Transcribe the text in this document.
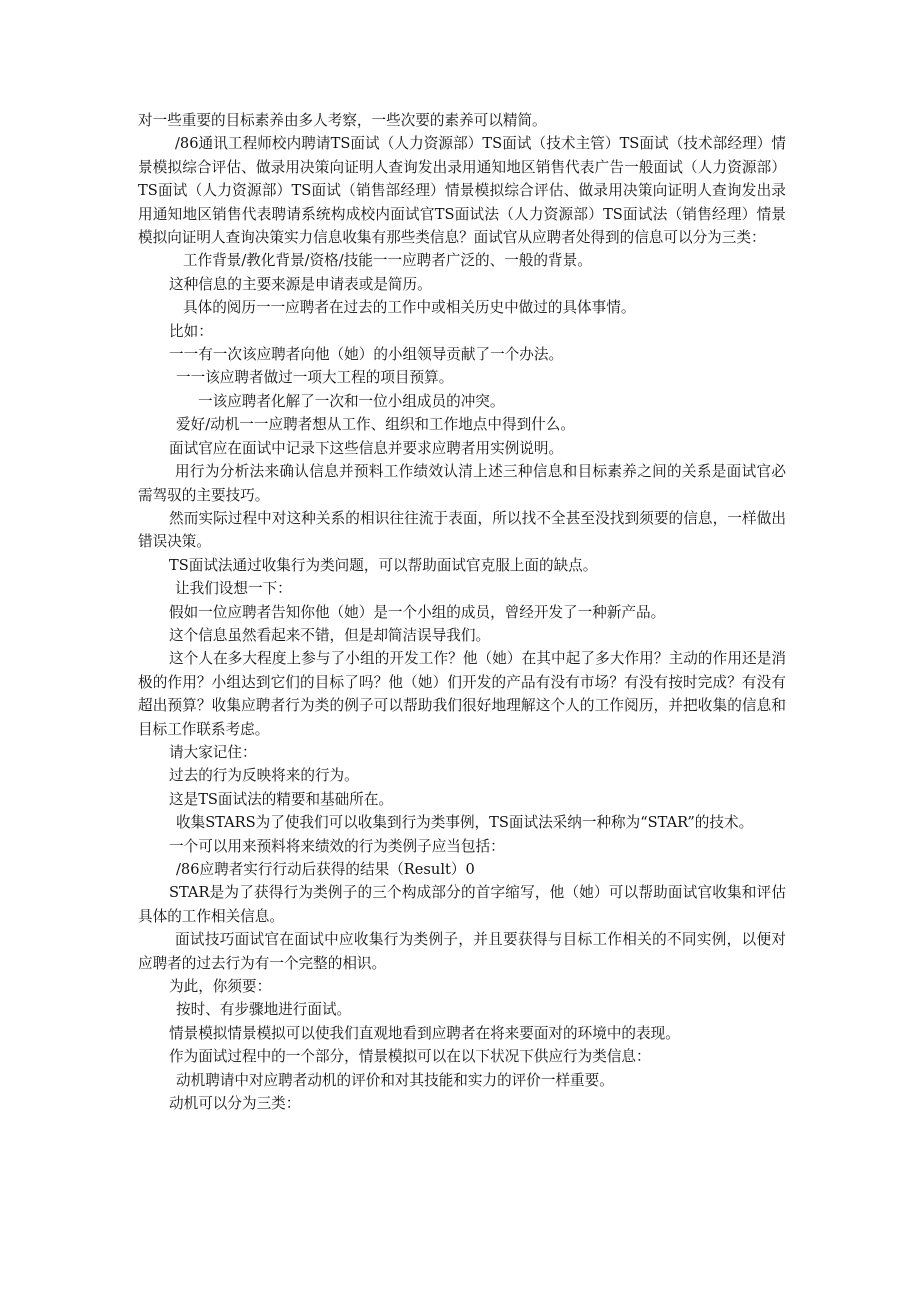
对一些重要的目标素养由多人考察，一些次要的素养可以精简。

/86通讯工程师校内聘请TS面试（人力资源部）TS面试（技术主管）TS面试（技术部经理）情景模拟综合评估、做录用决策向证明人查询发出录用通知地区销售代表广告一般面试（人力资源部）TS面试（人力资源部）TS面试（销售部经理）情景模拟综合评估、做录用决策向证明人查询发出录用通知地区销售代表聘请系统构成校内面试官TS面试法（人力资源部）TS面试法（销售经理）情景模拟向证明人查询决策实力信息收集有那些类信息？面试官从应聘者处得到的信息可以分为三类：

工作背景/教化背景/资格/技能一一应聘者广泛的、一般的背景。

这种信息的主要来源是申请表或是简历。

具体的阅历一一应聘者在过去的工作中或相关历史中做过的具体事情。

比如：

一一有一次该应聘者向他（她）的小组领导贡献了一个办法。

一一该应聘者做过一项大工程的项目预算。

一该应聘者化解了一次和一位小组成员的冲突。

爱好/动机一一应聘者想从工作、组织和工作地点中得到什么。

面试官应在面试中记录下这些信息并要求应聘者用实例说明。

用行为分析法来确认信息并预料工作绩效认清上述三种信息和目标素养之间的关系是面试官必需驾驭的主要技巧。

然而实际过程中对这种关系的相识往往流于表面，所以找不全甚至没找到须要的信息，一样做出错误决策。

TS面试法通过收集行为类问题，可以帮助面试官克服上面的缺点。

让我们设想一下：

假如一位应聘者告知你他（她）是一个小组的成员，曾经开发了一种新产品。

这个信息虽然看起来不错，但是却简洁误导我们。

这个人在多大程度上参与了小组的开发工作？他（她）在其中起了多大作用？主动的作用还是消极的作用？小组达到它们的目标了吗？他（她）们开发的产品有没有市场？有没有按时完成？有没有超出预算？收集应聘者行为类的例子可以帮助我们很好地理解这个人的工作阅历，并把收集的信息和目标工作联系考虑。

请大家记住：

过去的行为反映将来的行为。

这是TS面试法的精要和基础所在。

收集STARS为了使我们可以收集到行为类事例，TS面试法采纳一种称为“STAR”的技术。

一个可以用来预料将来绩效的行为类例子应当包括：

/86应聘者实行行动后获得的结果（Result）0

STAR是为了获得行为类例子的三个构成部分的首字缩写，他（她）可以帮助面试官收集和评估具体的工作相关信息。

面试技巧面试官在面试中应收集行为类例子，并且要获得与目标工作相关的不同实例，以便对应聘者的过去行为有一个完整的相识。

为此，你须要：

按时、有步骤地进行面试。

情景模拟情景模拟可以使我们直观地看到应聘者在将来要面对的环境中的表现。

作为面试过程中的一个部分，情景模拟可以在以下状况下供应行为类信息：

动机聘请中对应聘者动机的评价和对其技能和实力的评价一样重要。

动机可以分为三类：
